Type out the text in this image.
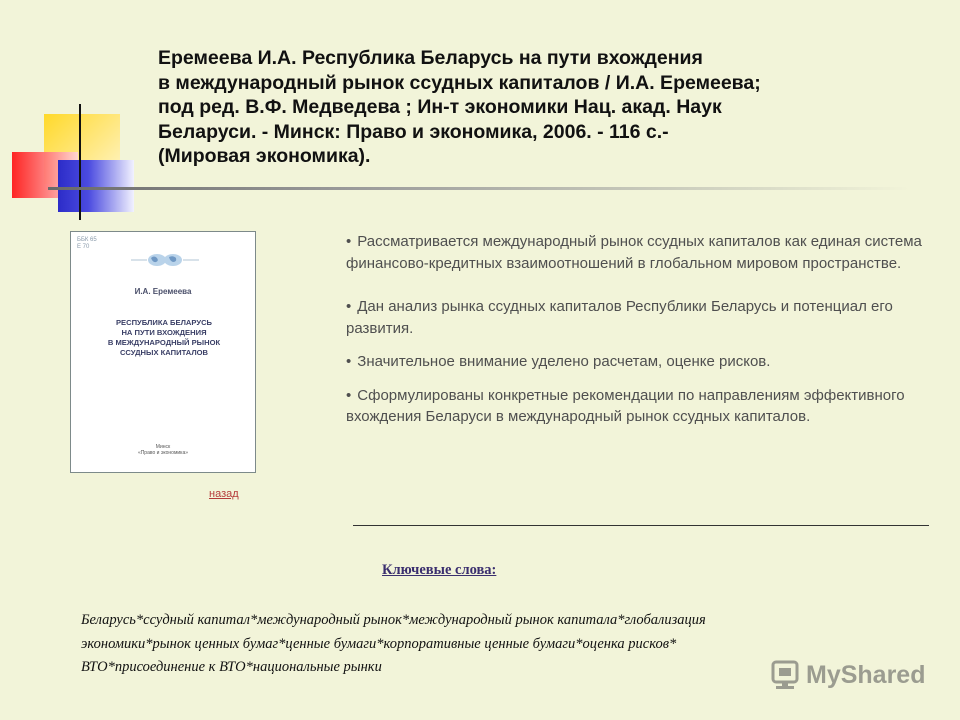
Еремеева И.А. Республика Беларусь на пути вхождения
в международный рынок ссудных капиталов / И.А. Еремеева;
под ред. В.Ф. Медведева ; Ин-т экономики Нац. акад. Наук
Беларуси. - Минск: Право и экономика, 2006. - 116 с.-
(Мировая экономика).

ББК 65
Е 70
И.А. Еремеева
РЕСПУБЛИКА БЕЛАРУСЬ
НА ПУТИ ВХОЖДЕНИЯ
В МЕЖДУНАРОДНЫЙ РЫНОК
ССУДНЫХ КАПИТАЛОВ
Минск
«Право и экономика»
назад
• Рассматривается международный рынок ссудных капиталов как единая система финансово-кредитных взаимоотношений в глобальном мировом пространстве.
• Дан анализ рынка ссудных капиталов Республики Беларусь и потенциал его развития.
• Значительное внимание уделено расчетам, оценке рисков.
• Сформулированы конкретные рекомендации по направлениям эффективного вхождения Беларуси в международный рынок ссудных капиталов.
Ключевые слова:

Беларусь*ссудный капитал*международный рынок*международный рынок капитала*глобализация
экономики*рынок ценных бумаг*ценные бумаги*корпоративные ценные бумаги*оценка рисков*
ВТО*присоединение к ВТО*национальные рынки	MyShared
